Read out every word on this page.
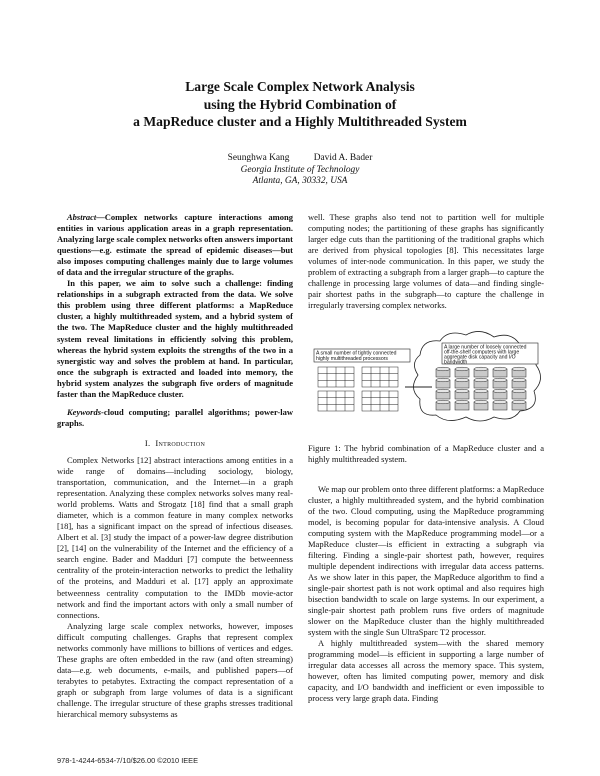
Large Scale Complex Network Analysis
using the Hybrid Combination of
a MapReduce cluster and a Highly Multithreaded System
Seunghwa Kang	David A. Bader
Georgia Institute of Technology
Atlanta, GA, 30332, USA

Abstract—Complex networks capture interactions among entities in various application areas in a graph representation. Analyzing large scale complex networks often answers important questions—e.g. estimate the spread of epidemic diseases—but also imposes computing challenges mainly due to large volumes of data and the irregular structure of the graphs.

In this paper, we aim to solve such a challenge: finding relationships in a subgraph extracted from the data. We solve this problem using three different platforms: a MapReduce cluster, a highly multithreaded system, and a hybrid system of the two. The MapReduce cluster and the highly multithreaded system reveal limitations in efficiently solving this problem, whereas the hybrid system exploits the strengths of the two in a synergistic way and solves the problem at hand. In particular, once the subgraph is extracted and loaded into memory, the hybrid system analyzes the subgraph five orders of magnitude faster than the MapReduce cluster.

Keywords-cloud computing; parallel algorithms; power-law graphs.

I. Introduction

Complex Networks [12] abstract interactions among entities in a wide range of domains—including sociology, biology, transportation, communication, and the Internet—in a graph representation. Analyzing these complex networks solves many real-world problems. Watts and Strogatz [18] find that a small graph diameter, which is a common feature in many complex networks [18], has a significant impact on the spread of infectious diseases. Albert et al. [3] study the impact of a power-law degree distribution [2], [14] on the vulnerability of the Internet and the efficiency of a search engine. Bader and Madduri [7] compute the betweenness centrality of the protein-interaction networks to predict the lethality of the proteins, and Madduri et al. [17] apply an approximate betweenness centrality computation to the IMDb movie-actor network and find the important actors with only a small number of connections.

Analyzing large scale complex networks, however, imposes difficult computing challenges. Graphs that represent complex networks commonly have millions to billions of vertices and edges. These graphs are often embedded in the raw (and often streaming) data—e.g. web documents, e-mails, and published papers—of terabytes to petabytes. Extracting the compact representation of a graph or subgraph from large volumes of data is a significant challenge. The irregular structure of these graphs stresses traditional hierarchical memory subsystems as

well. These graphs also tend not to partition well for multiple computing nodes; the partitioning of these graphs has significantly larger edge cuts than the partitioning of the traditional graphs which are derived from physical topologies [8]. This necessitates large volumes of inter-node communication. In this paper, we study the problem of extracting a subgraph from a larger graph—to capture the challenge in processing large volumes of data—and finding single-pair shortest paths in the subgraph—to capture the challenge in irregularly traversing complex networks.

A small number of tightly connected
highly multithreaded processors
A large number of loosely connected
off-the-shelf computers with large
aggregate disk capacity and I/O
bandwidth

Figure 1: The hybrid combination of a MapReduce cluster and a highly multithreaded system.

We map our problem onto three different platforms: a MapReduce cluster, a highly multithreaded system, and the hybrid combination of the two. Cloud computing, using the MapReduce programming model, is becoming popular for data-intensive analysis. A Cloud computing system with the MapReduce programming model—or a MapReduce cluster—is efficient in extracting a subgraph via filtering. Finding a single-pair shortest path, however, requires multiple dependent indirections with irregular data access patterns. As we show later in this paper, the MapReduce algorithm to find a single-pair shortest path is not work optimal and also requires high bisection bandwidth to scale on large systems. In our experiment, a single-pair shortest path problem runs five orders of magnitude slower on the MapReduce cluster than the highly multithreaded system with the single Sun UltraSparc T2 processor.

A highly multithreaded system—with the shared memory programming model—is efficient in supporting a large number of irregular data accesses all across the memory space. This system, however, often has limited computing power, memory and disk capacity, and I/O bandwidth and inefficient or even impossible to process very large graph data. Finding

978-1-4244-6534-7/10/$26.00 ©2010 IEEE
